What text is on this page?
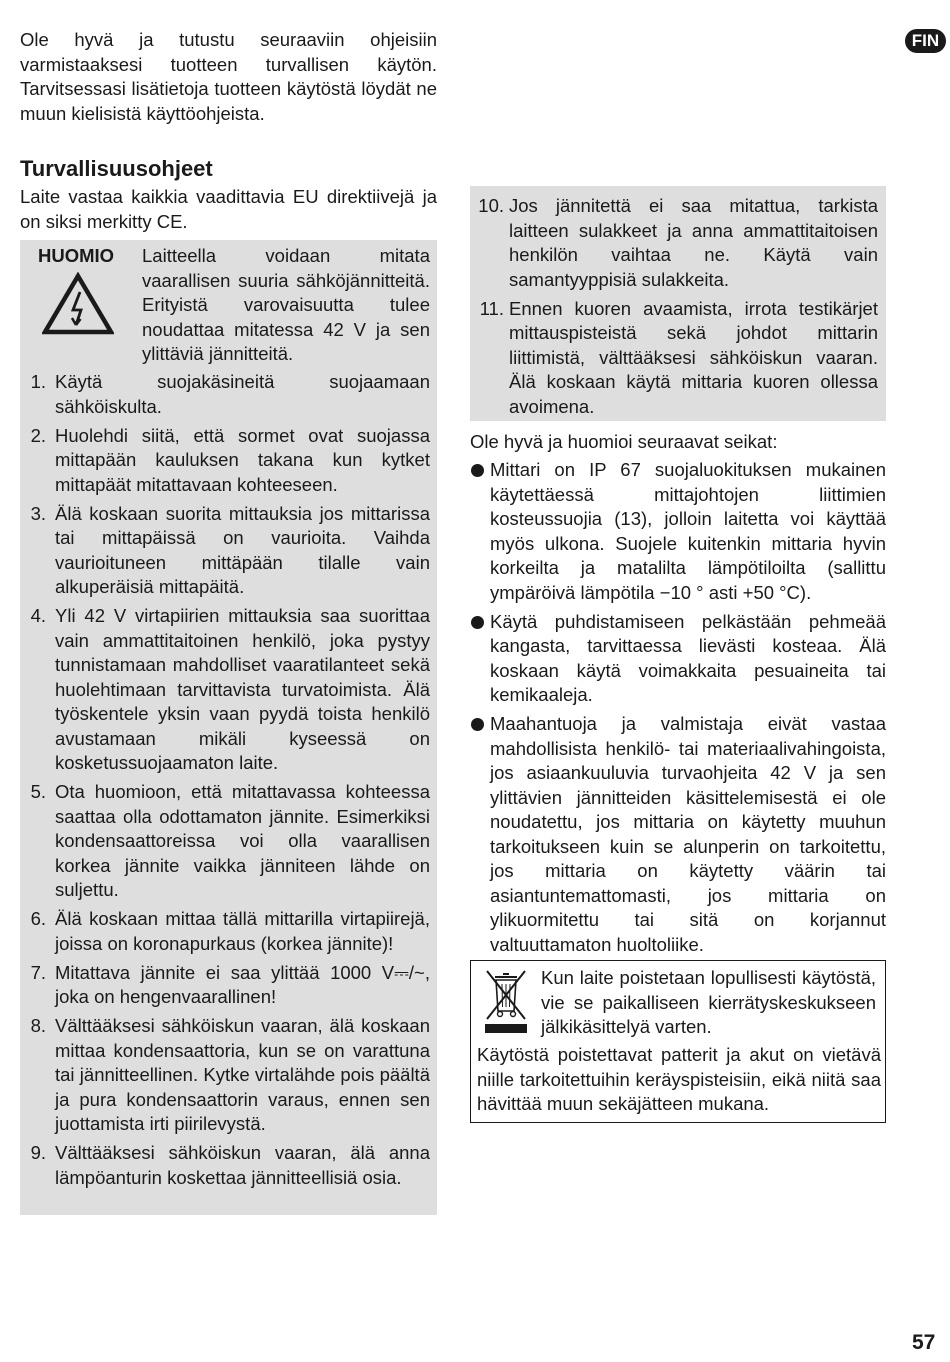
FIN
Ole hyvä ja tutustu seuraaviin ohjeisiin varmistaaksesi tuotteen turvallisen käytön. Tarvitsessasi lisätietoja tuotteen käytöstä löydät ne muun kielisistä käyttöohjeista.
Turvallisuusohjeet
Laite vastaa kaikkia vaadittavia EU direktiivejä ja on siksi merkitty CE.
HUOMIO Laitteella voidaan mitata vaarallisen suuria sähköjännitteitä. Erityistä varovaisuutta tulee noudattaa mitatessa 42 V ja sen ylittäviä jännitteitä.
1. Käytä suojakäsineitä suojaamaan sähköiskulta.
2. Huolehdi siitä, että sormet ovat suojassa mittapään kauluksen takana kun kytket mittapäät mitattavaan kohteeseen.
3. Älä koskaan suorita mittauksia jos mittarissa tai mittapäissä on vaurioita. Vaihda vaurioituneen mittäpään tilalle vain alkuperäisiä mittapäitä.
4. Yli 42 V virtapiirien mittauksia saa suorittaa vain ammattitaitoinen henkilö, joka pystyy tunnistamaan mahdolliset vaaratilanteet sekä huolehtimaan tarvittavista turvatoimista. Älä työskentele yksin vaan pyydä toista henkilö avustamaan mikäli kyseessä on kosketussuojaamaton laite.
5. Ota huomioon, että mitattavassa kohteessa saattaa olla odottamaton jännite. Esimerkiksi kondensaattoreissa voi olla vaarallisen korkea jännite vaikka jänniteen lähde on suljettu.
6. Älä koskaan mittaa tällä mittarilla virtapiirejä, joissa on koronapurkaus (korkea jännite)!
7. Mitattava jännite ei saa ylittää 1000 V⎓/~, joka on hengenvaarallinen!
8. Välttääksesi sähköiskun vaaran, älä koskaan mittaa kondensaattoria, kun se on varattuna tai jännitteellinen. Kytke virtalähde pois päältä ja pura kondensaattorin varaus, ennen sen juottamista irti piirilevystä.
9. Välttääksesi sähköiskun vaaran, älä anna lämpöanturin koskettaa jännitteellisiä osia.
10. Jos jännitettä ei saa mitattua, tarkista laitteen sulakkeet ja anna ammattitaitoisen henkilön vaihtaa ne. Käytä vain samantyyppisiä sulakkeita.
11. Ennen kuoren avaamista, irrota testikärjet mittauspisteistä sekä johdot mittarin liittimistä, välttääksesi sähköiskun vaaran. Älä koskaan käytä mittaria kuoren ollessa avoimena.
Ole hyvä ja huomioi seuraavat seikat:
Mittari on IP 67 suojaluokituksen mukainen käytettäessä mittajohtojen liittimien kosteussuojia (13), jolloin laitetta voi käyttää myös ulkona. Suojele kuitenkin mittaria hyvin korkeilta ja matalilta lämpötiloilta (sallittu ympäröivä lämpötila −10 ° asti +50 °C).
Käytä puhdistamiseen pelkästään pehmeää kangasta, tarvittaessa lievästi kosteaa. Älä koskaan käytä voimakkaita pesuaineita tai kemikaaleja.
Maahantuoja ja valmistaja eivät vastaa mahdollisista henkilö- tai materiaalivahingoista, jos asiaankuuluvia turvaohjeita 42 V ja sen ylittävien jännitteiden käsittelemisestä ei ole noudatettu, jos mittaria on käytetty muuhun tarkoitukseen kuin se alunperin on tarkoitettu, jos mittaria on käytetty väärin tai asiantuntemattomasti, jos mittaria on ylikuormitettu tai sitä on korjannut valtuuttamaton huoltoliike.
Kun laite poistetaan lopullisesti käytöstä, vie se paikalliseen kierrätyskeskukseen jälkikäsittelyä varten.
Käytöstä poistettavat patterit ja akut on vietävä niille tarkoitettuihin keräyspisteisiin, eikä niitä saa hävittää muun sekäjätteen mukana.
57
